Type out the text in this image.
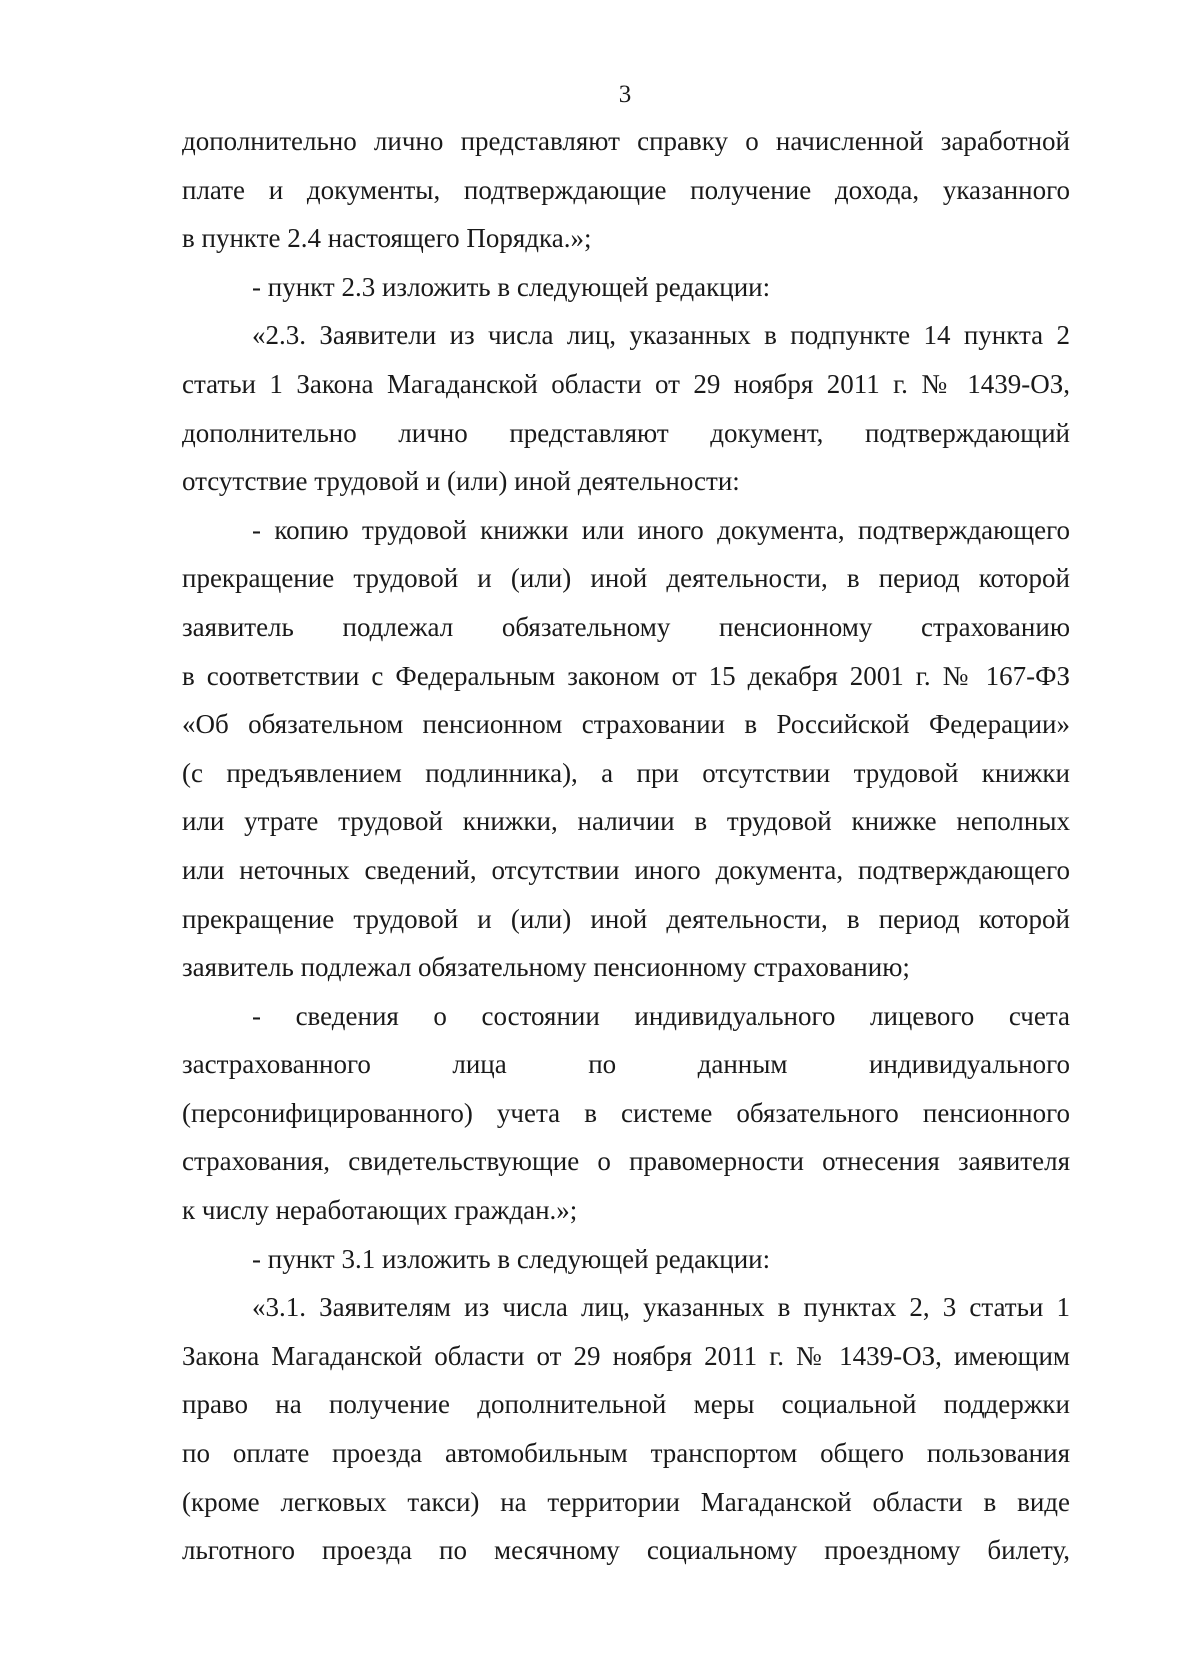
3
дополнительно лично представляют справку о начисленной заработной
плате и документы, подтверждающие получение дохода, указанного
в пункте 2.4 настоящего Порядка.»;
- пункт 2.3 изложить в следующей редакции:
«2.3. Заявители из числа лиц, указанных в подпункте 14 пункта 2
статьи 1 Закона Магаданской области от 29 ноября 2011 г. № 1439-ОЗ,
дополнительно лично представляют документ, подтверждающий
отсутствие трудовой и (или) иной деятельности:
- копию трудовой книжки или иного документа, подтверждающего
прекращение трудовой и (или) иной деятельности, в период которой
заявитель подлежал обязательному пенсионному страхованию
в соответствии с Федеральным законом от 15 декабря 2001 г. № 167-ФЗ
«Об обязательном пенсионном страховании в Российской Федерации»
(с предъявлением подлинника), а при отсутствии трудовой книжки
или утрате трудовой книжки, наличии в трудовой книжке неполных
или неточных сведений, отсутствии иного документа, подтверждающего
прекращение трудовой и (или) иной деятельности, в период которой
заявитель подлежал обязательному пенсионному страхованию;
- сведения о состоянии индивидуального лицевого счета
застрахованного лица по данным индивидуального
(персонифицированного) учета в системе обязательного пенсионного
страхования, свидетельствующие о правомерности отнесения заявителя
к числу неработающих граждан.»;
- пункт 3.1 изложить в следующей редакции:
«3.1. Заявителям из числа лиц, указанных в пунктах 2, 3 статьи 1
Закона Магаданской области от 29 ноября 2011 г. № 1439-ОЗ, имеющим
право на получение дополнительной меры социальной поддержки
по оплате проезда автомобильным транспортом общего пользования
(кроме легковых такси) на территории Магаданской области в виде
льготного проезда по месячному социальному проездному билету,
